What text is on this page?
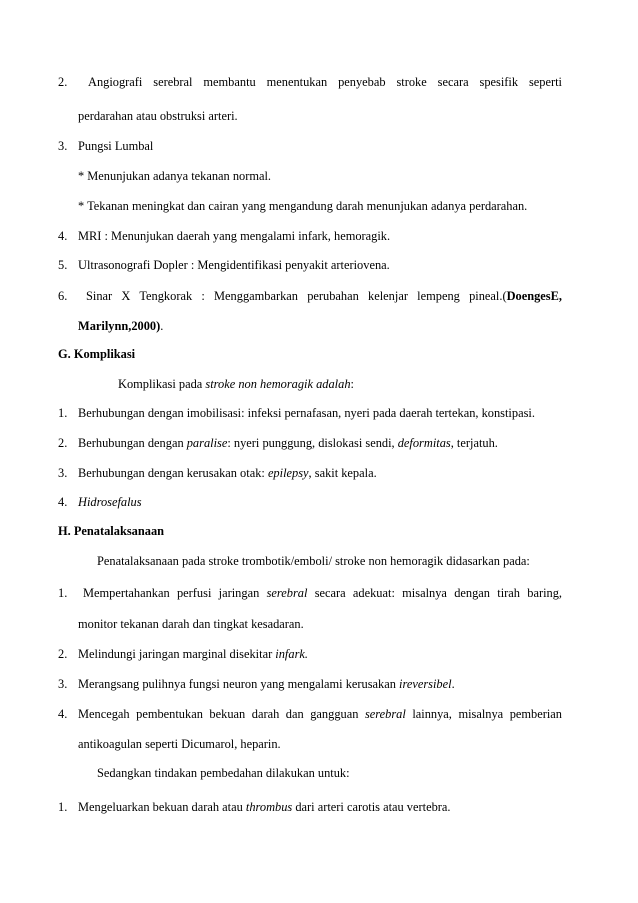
2. Angiografi serebral membantu menentukan penyebab stroke secara spesifik seperti
perdarahan atau obstruksi arteri.
3. Pungsi Lumbal
* Menunjukan adanya tekanan normal.
* Tekanan meningkat dan cairan yang mengandung darah menunjukan adanya perdarahan.
4. MRI : Menunjukan daerah yang mengalami infark, hemoragik.
5. Ultrasonografi Dopler : Mengidentifikasi penyakit arteriovena.
6. Sinar X Tengkorak : Menggambarkan perubahan kelenjar lempeng pineal.(DoengesE,
Marilynn,2000).
G. Komplikasi
Komplikasi pada stroke non hemoragik adalah:
1. Berhubungan dengan imobilisasi: infeksi pernafasan, nyeri pada daerah tertekan, konstipasi.
2. Berhubungan dengan paralise: nyeri punggung, dislokasi sendi, deformitas, terjatuh.
3. Berhubungan dengan kerusakan otak: epilepsy, sakit kepala.
4. Hidrosefalus
H. Penatalaksanaan
Penatalaksanaan pada stroke trombotik/emboli/ stroke non hemoragik didasarkan pada:
1. Mempertahankan perfusi jaringan serebral secara adekuat: misalnya dengan tirah baring,
monitor tekanan darah dan tingkat kesadaran.
2. Melindungi jaringan marginal disekitar infark.
3. Merangsang pulihnya fungsi neuron yang mengalami kerusakan ireversibel.
4. Mencegah pembentukan bekuan darah dan gangguan serebral lainnya, misalnya pemberian
antikoagulan seperti Dicumarol, heparin.
Sedangkan tindakan pembedahan dilakukan untuk:
1. Mengeluarkan bekuan darah atau thrombus dari arteri carotis atau vertebra.
